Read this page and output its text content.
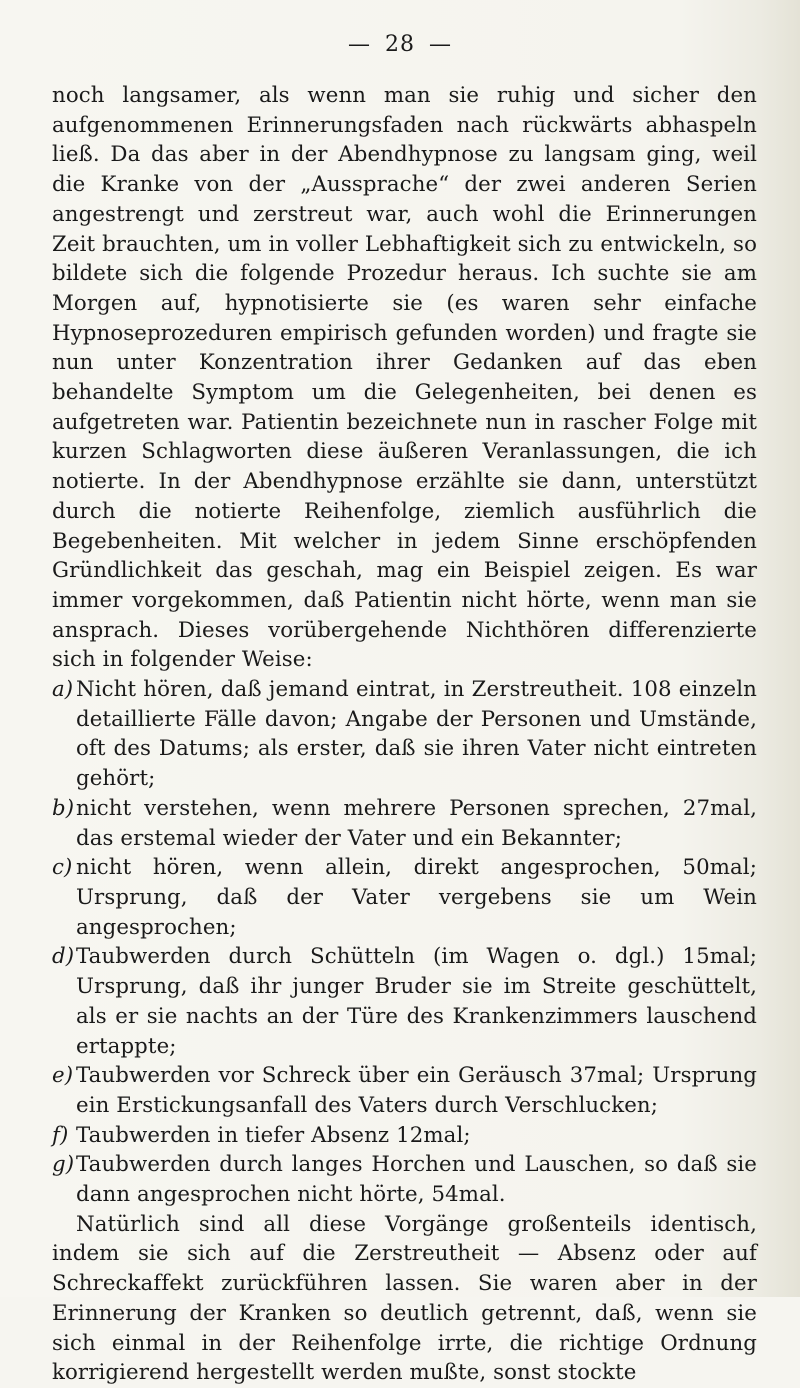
— 28 —

noch langsamer, als wenn man sie ruhig und sicher den aufgenommenen Erinnerungsfaden nach rückwärts abhaspeln ließ. Da das aber in der Abendhypnose zu langsam ging, weil die Kranke von der „Aussprache“ der zwei anderen Serien angestrengt und zerstreut war, auch wohl die Erinnerungen Zeit brauchten, um in voller Lebhaftigkeit sich zu entwickeln, so bildete sich die folgende Prozedur heraus. Ich suchte sie am Morgen auf, hypnotisierte sie (es waren sehr einfache Hypnoseprozeduren empirisch gefunden worden) und fragte sie nun unter Konzentration ihrer Gedanken auf das eben behandelte Symptom um die Gelegenheiten, bei denen es aufgetreten war. Patientin bezeichnete nun in rascher Folge mit kurzen Schlagworten diese äußeren Veranlassungen, die ich notierte. In der Abendhypnose erzählte sie dann, unterstützt durch die notierte Reihenfolge, ziemlich ausführlich die Begebenheiten. Mit welcher in jedem Sinne erschöpfenden Gründlichkeit das geschah, mag ein Beispiel zeigen. Es war immer vorgekommen, daß Patientin nicht hörte, wenn man sie ansprach. Dieses vorübergehende Nichthören differenzierte sich in folgender Weise:

a) Nicht hören, daß jemand eintrat, in Zerstreutheit. 108 einzeln detaillierte Fälle davon; Angabe der Personen und Umstände, oft des Datums; als erster, daß sie ihren Vater nicht eintreten gehört;
b) nicht verstehen, wenn mehrere Personen sprechen, 27mal, das erstemal wieder der Vater und ein Bekannter;
c) nicht hören, wenn allein, direkt angesprochen, 50mal; Ursprung, daß der Vater vergebens sie um Wein angesprochen;
d) Taubwerden durch Schütteln (im Wagen o. dgl.) 15mal; Ursprung, daß ihr junger Bruder sie im Streite geschüttelt, als er sie nachts an der Türe des Krankenzimmers lauschend ertappte;
e) Taubwerden vor Schreck über ein Geräusch 37mal; Ursprung ein Erstickungsanfall des Vaters durch Verschlucken;
f) Taubwerden in tiefer Absenz 12mal;
g) Taubwerden durch langes Horchen und Lauschen, so daß sie dann angesprochen nicht hörte, 54mal.

Natürlich sind all diese Vorgänge großenteils identisch, indem sie sich auf die Zerstreutheit — Absenz oder auf Schreckaffekt zurückführen lassen. Sie waren aber in der Erinnerung der Kranken so deutlich getrennt, daß, wenn sie sich einmal in der Reihenfolge irrte, die richtige Ordnung korrigierend hergestellt werden mußte, sonst stockte
